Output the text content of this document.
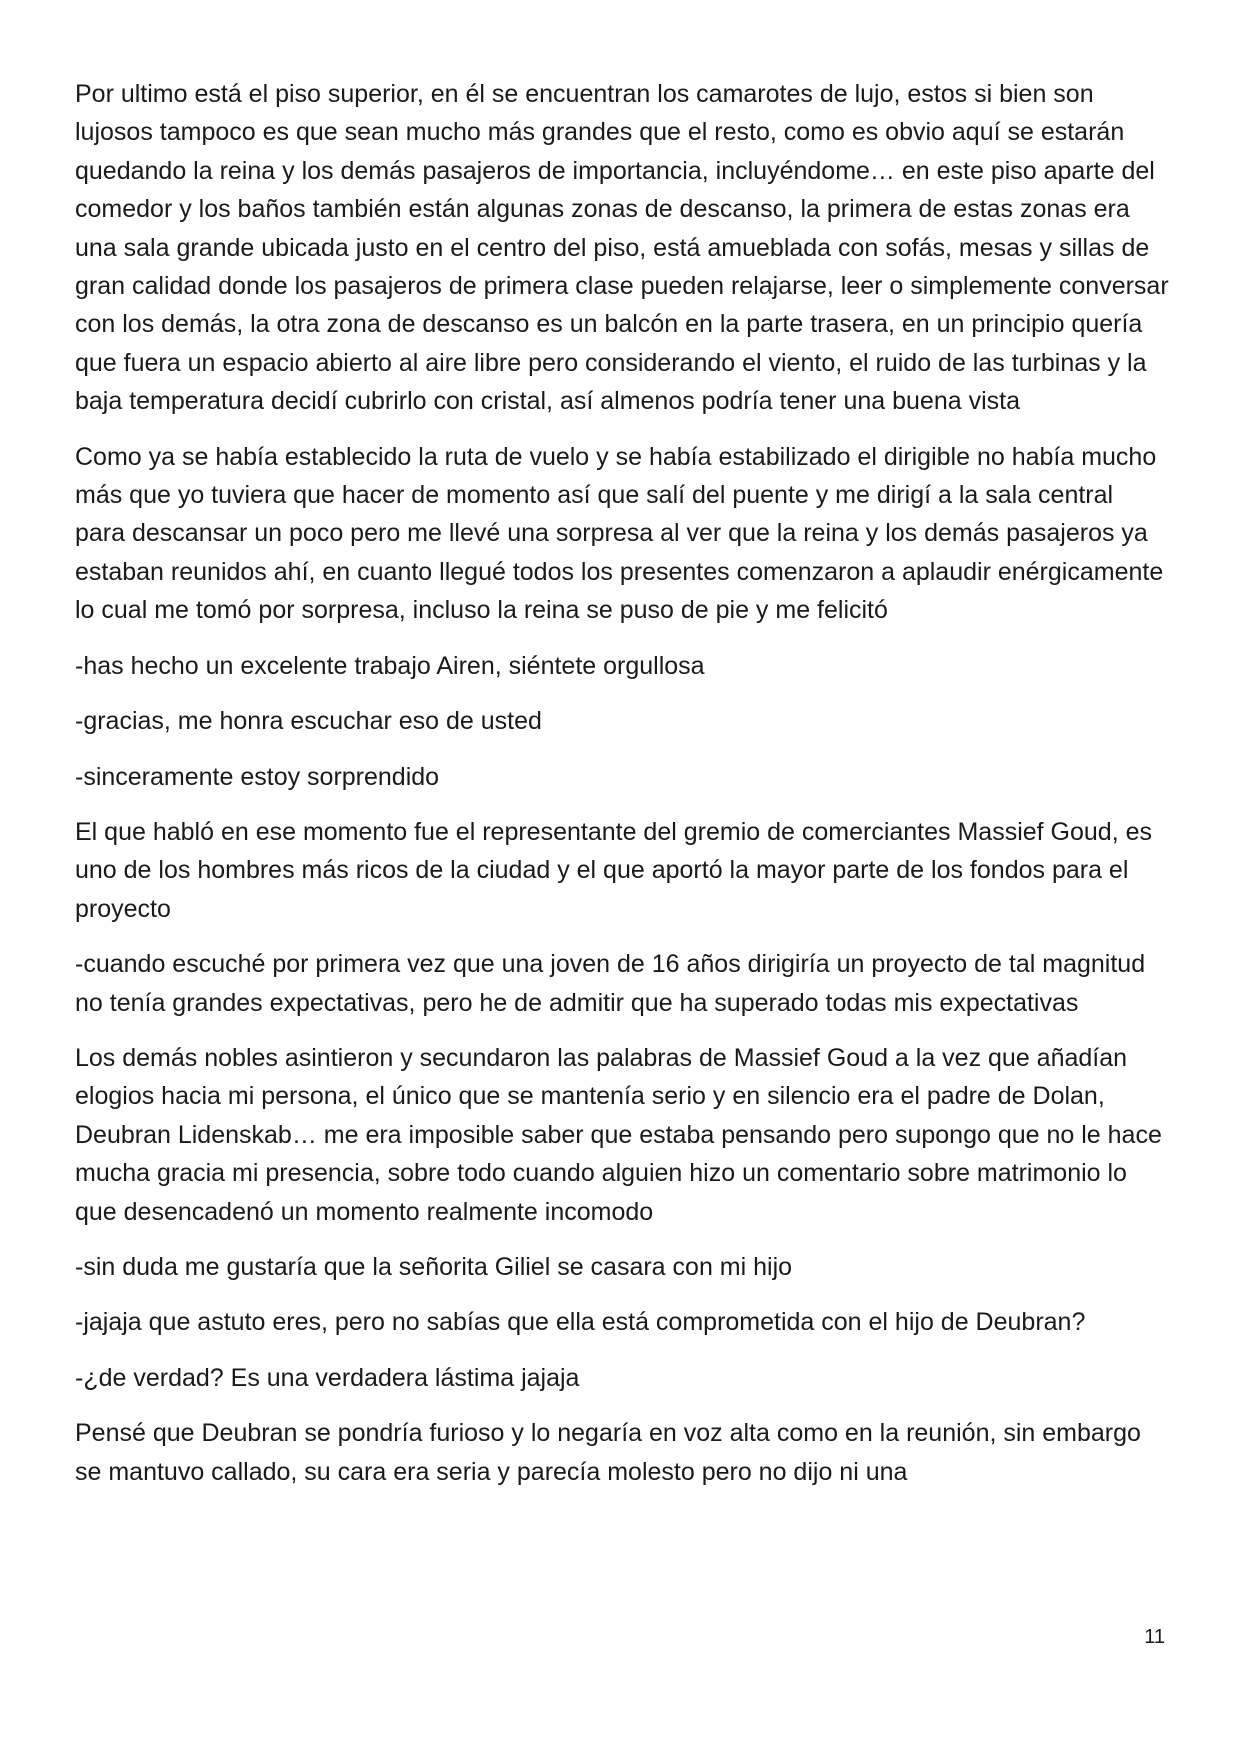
Por ultimo está el piso superior, en él se encuentran los camarotes de lujo, estos si bien son lujosos tampoco es que sean mucho más grandes que el resto, como es obvio aquí se estarán quedando la reina y los demás pasajeros de importancia, incluyéndome… en este piso aparte del comedor y los baños también están algunas zonas de descanso, la primera de estas zonas era una sala grande ubicada justo en el centro del piso, está amueblada con sofás, mesas y sillas de gran calidad donde los pasajeros de primera clase pueden relajarse, leer o simplemente conversar con los demás, la otra zona de descanso es un balcón en la parte trasera, en un principio quería que fuera un espacio abierto al aire libre pero considerando el viento, el ruido de las turbinas y la baja temperatura decidí cubrirlo con cristal, así almenos podría tener una buena vista

Como ya se había establecido la ruta de vuelo y se había estabilizado el dirigible no había mucho más que yo tuviera que hacer de momento así que salí del puente y me dirigí a la sala central para descansar un poco pero me llevé una sorpresa al ver que la reina y los demás pasajeros ya estaban reunidos ahí, en cuanto llegué todos los presentes comenzaron a aplaudir enérgicamente lo cual me tomó por sorpresa, incluso la reina se puso de pie y me felicitó

-has hecho un excelente trabajo Airen, siéntete orgullosa

-gracias, me honra escuchar eso de usted

-sinceramente estoy sorprendido

El que habló en ese momento fue el representante del gremio de comerciantes Massief Goud, es uno de los hombres más ricos de la ciudad y el que aportó la mayor parte de los fondos para el proyecto

-cuando escuché por primera vez que una joven de 16 años dirigiría un proyecto de tal magnitud no tenía grandes expectativas, pero he de admitir que ha superado todas mis expectativas

Los demás nobles asintieron y secundaron las palabras de Massief Goud a la vez que añadían elogios hacia mi persona, el único que se mantenía serio y en silencio era el padre de Dolan, Deubran Lidenskab… me era imposible saber que estaba pensando pero supongo que no le hace mucha gracia mi presencia, sobre todo cuando alguien hizo un comentario sobre matrimonio lo que desencadenó un momento realmente incomodo

-sin duda me gustaría que la señorita Giliel se casara con mi hijo

-jajaja que astuto eres, pero no sabías que ella está comprometida con el hijo de Deubran?

-¿de verdad? Es una verdadera lástima jajaja

Pensé que Deubran se pondría furioso y lo negaría en voz alta como en la reunión, sin embargo se mantuvo callado, su cara era seria y parecía molesto pero no dijo ni una

11
